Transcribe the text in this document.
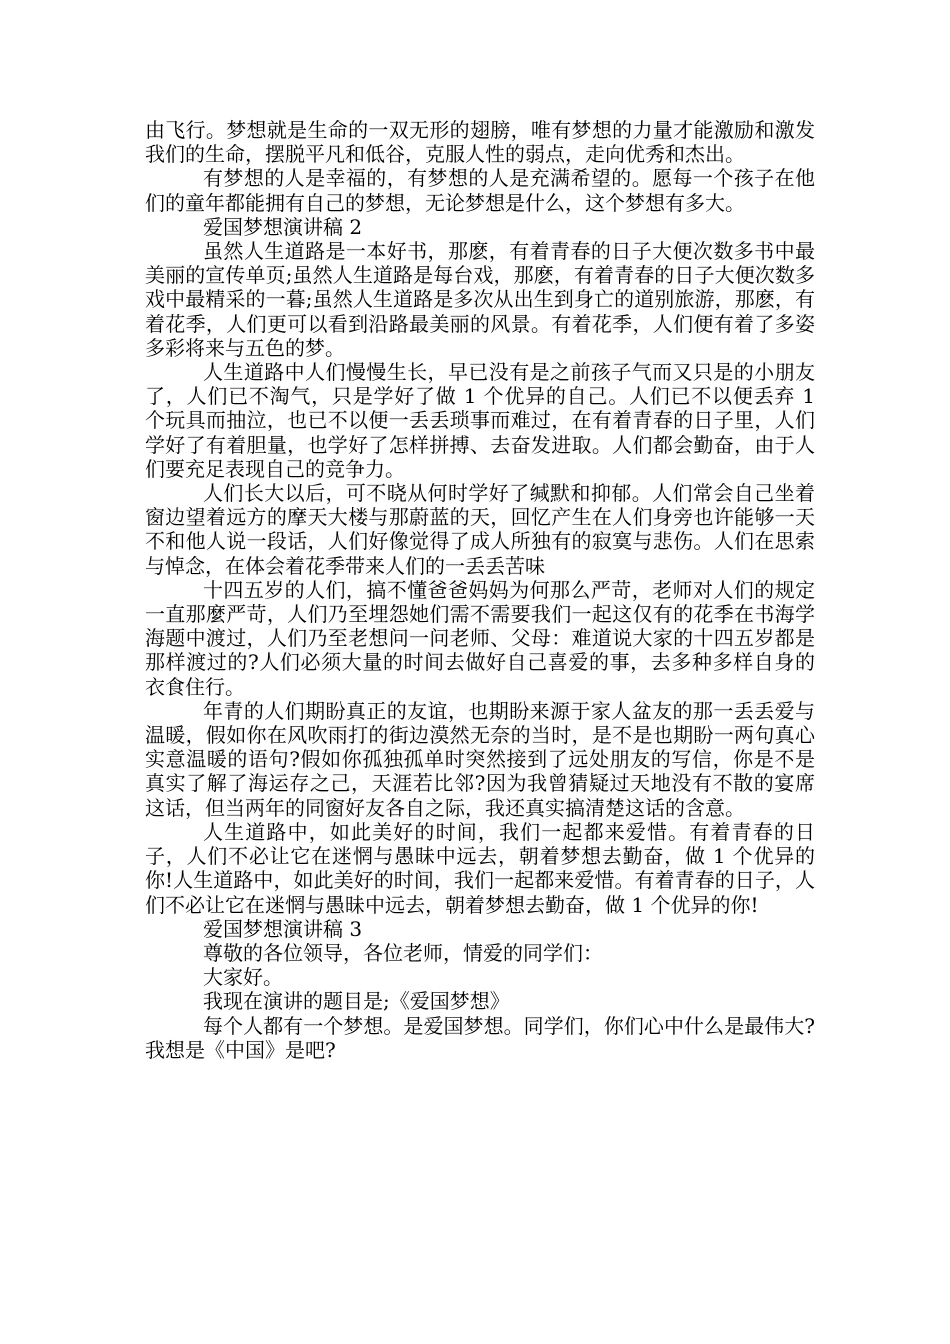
由飞行。梦想就是生命的一双无形的翅膀，唯有梦想的力量才能激励和激发我们的生命，摆脱平凡和低谷，克服人性的弱点，走向优秀和杰出。

有梦想的人是幸福的，有梦想的人是充满希望的。愿每一个孩子在他们的童年都能拥有自己的梦想，无论梦想是什么，这个梦想有多大。

爱国梦想演讲稿 2

虽然人生道路是一本好书，那麽，有着青春的日子大便次数多书中最美丽的宣传单页;虽然人生道路是每台戏，那麽，有着青春的日子大便次数多戏中最精采的一暮;虽然人生道路是多次从出生到身亡的道别旅游，那麽，有着花季，人们更可以看到沿路最美丽的风景。有着花季，人们便有着了多姿多彩将来与五色的梦。

人生道路中人们慢慢生长，早已没有是之前孩子气而又只是的小朋友了，人们已不淘气，只是学好了做 1 个优异的自己。人们已不以便丢弃 1 个玩具而抽泣，也已不以便一丢丢琐事而难过，在有着青春的日子里，人们学好了有着胆量，也学好了怎样拼搏、去奋发进取。人们都会勤奋，由于人们要充足表现自己的竞争力。

人们长大以后，可不晓从何时学好了缄默和抑郁。人们常会自己坐着窗边望着远方的摩天大楼与那蔚蓝的天，回忆产生在人们身旁也许能够一天不和他人说一段话，人们好像觉得了成人所独有的寂寞与悲伤。人们在思索与悼念，在体会着花季带来人们的一丢丢苦味

十四五岁的人们，搞不懂爸爸妈妈为何那么严苛，老师对人们的规定一直那麼严苛，人们乃至埋怨她们需不需要我们一起这仅有的花季在书海学海题中渡过，人们乃至老想问一问老师、父母：难道说大家的十四五岁都是那样渡过的?人们必须大量的时间去做好自己喜爱的事，去多种多样自身的衣食住行。

年青的人们期盼真正的友谊，也期盼来源于家人盆友的那一丢丢爱与温暖，假如你在风吹雨打的街边漠然无奈的当时，是不是也期盼一两句真心实意温暖的语句?假如你孤独孤单时突然接到了远处朋友的写信，你是不是真实了解了海运存之己，天涯若比邻?因为我曾猜疑过天地没有不散的宴席这话，但当两年的同窗好友各自之际，我还真实搞清楚这话的含意。

人生道路中，如此美好的时间，我们一起都来爱惜。有着青春的日子，人们不必让它在迷惘与愚昧中远去，朝着梦想去勤奋，做 1 个优异的你!人生道路中，如此美好的时间，我们一起都来爱惜。有着青春的日子，人们不必让它在迷惘与愚昧中远去，朝着梦想去勤奋，做 1 个优异的你!

爱国梦想演讲稿 3

尊敬的各位领导，各位老师，情爱的同学们：

大家好。

我现在演讲的题目是;《爱国梦想》

每个人都有一个梦想。是爱国梦想。同学们，你们心中什么是最伟大?我想是《中国》是吧?
